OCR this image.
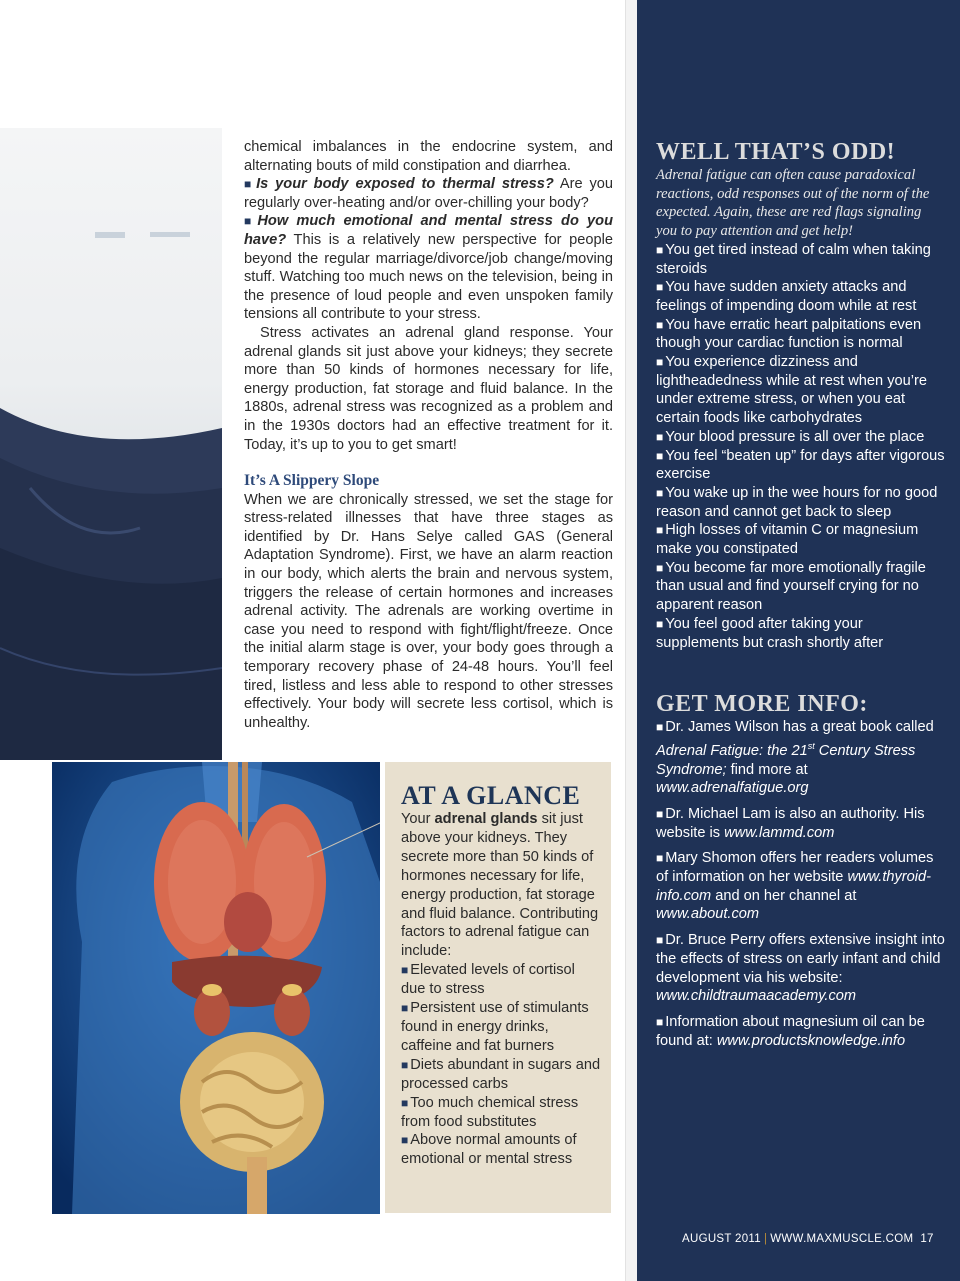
chemical imbalances in the endocrine system, and alternating bouts of mild constipation and diarrhea.

■ Is your body exposed to thermal stress? Are you regularly over-heating and/or over-chilling your body?

■ How much emotional and mental stress do you have? This is a relatively new perspective for people beyond the regular marriage/divorce/job change/moving stuff. Watching too much news on the television, being in the presence of loud people and even unspoken family tensions all contribute to your stress.

Stress activates an adrenal gland response. Your adrenal glands sit just above your kidneys; they secrete more than 50 kinds of hormones necessary for life, energy production, fat storage and fluid balance. In the 1880s, adrenal stress was recognized as a problem and in the 1930s doctors had an effective treatment for it. Today, it’s up to you to get smart!

It’s A Slippery Slope

When we are chronically stressed, we set the stage for stress-related illnesses that have three stages as identified by Dr. Hans Selye called GAS (General Adaptation Syndrome). First, we have an alarm reaction in our body, which alerts the brain and nervous system, triggers the release of certain hormones and increases adrenal activity. The adrenals are working overtime in case you need to respond with fight/flight/freeze. Once the initial alarm stage is over, your body goes through a temporary recovery phase of 24-48 hours. You’ll feel tired, listless and less able to respond to other stresses effectively. Your body will secrete less cortisol, which is unhealthy.

AT A GLANCE

Your adrenal glands sit just above your kidneys. They secrete more than 50 kinds of hormones necessary for life, energy production, fat storage and fluid balance. Contributing factors to adrenal fatigue can include:

■ Elevated levels of cortisol due to stress

■ Persistent use of stimulants found in energy drinks, caffeine and fat burners

■ Diets abundant in sugars and processed carbs

■ Too much chemical stress from food substitutes

■ Above normal amounts of emotional or mental stress

WELL THAT’S ODD!

Adrenal fatigue can often cause paradoxical reactions, odd responses out of the norm of the expected. Again, these are red flags signaling you to pay attention and get help!

■ You get tired instead of calm when taking steroids

■ You have sudden anxiety attacks and feelings of impending doom while at rest

■ You have erratic heart palpitations even though your cardiac function is normal

■ You experience dizziness and lightheadedness while at rest when you’re under extreme stress, or when you eat certain foods like carbohydrates

■ Your blood pressure is all over the place

■ You feel “beaten up” for days after vigorous exercise

■ You wake up in the wee hours for no good reason and cannot get back to sleep

■ High losses of vitamin C or magnesium make you constipated

■ You become far more emotionally fragile than usual and find yourself crying for no apparent reason

■ You feel good after taking your supplements but crash shortly after

GET MORE INFO:

■ Dr. James Wilson has a great book called Adrenal Fatigue: the 21st Century Stress Syndrome; find more at www.adrenalfatigue.org

■ Dr. Michael Lam is also an authority. His website is www.lammd.com

■ Mary Shomon offers her readers volumes of information on her website www.thyroid-info.com and on her channel at www.about.com

■ Dr. Bruce Perry offers extensive insight into the effects of stress on early infant and child development via his website: www.childtraumaacademy.com

■ Information about magnesium oil can be found at: www.productsknowledge.info

AUGUST 2011 | WWW.MAXMUSCLE.COM 17
